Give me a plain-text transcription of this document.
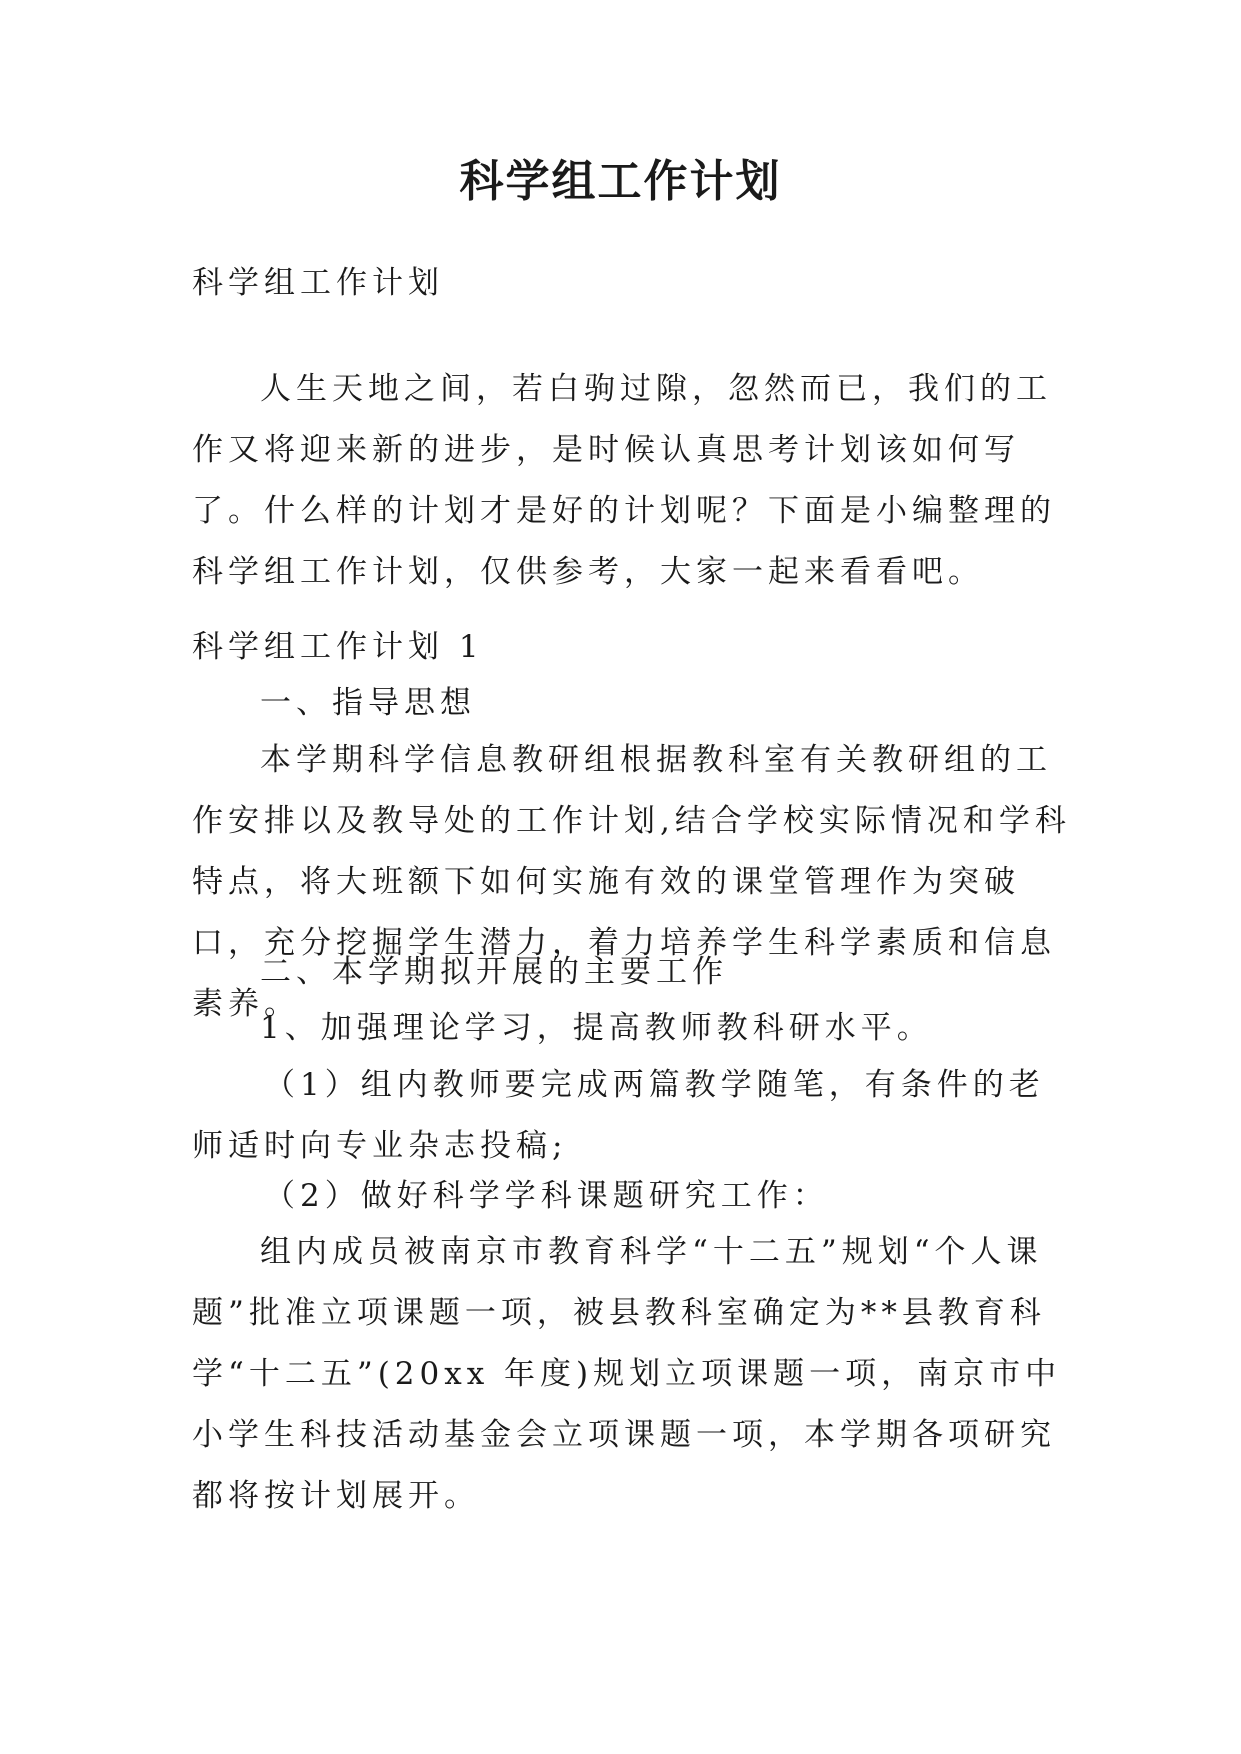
科学组工作计划

科学组工作计划

人生天地之间，若白驹过隙，忽然而已，我们的工作又将迎来新的进步，是时候认真思考计划该如何写了。什么样的计划才是好的计划呢？下面是小编整理的科学组工作计划，仅供参考，大家一起来看看吧。

科学组工作计划 1

一、指导思想

本学期科学信息教研组根据教科室有关教研组的工作安排以及教导处的工作计划,结合学校实际情况和学科特点，将大班额下如何实施有效的课堂管理作为突破口，充分挖掘学生潜力，着力培养学生科学素质和信息素养。

二、本学期拟开展的主要工作

1、加强理论学习，提高教师教科研水平。

（1）组内教师要完成两篇教学随笔，有条件的老师适时向专业杂志投稿;

（2）做好科学学科课题研究工作：

组内成员被南京市教育科学“十二五”规划“个人课题”批准立项课题一项，被县教科室确定为**县教育科学“十二五”(20xx 年度)规划立项课题一项，南京市中小学生科技活动基金会立项课题一项，本学期各项研究都将按计划展开。
